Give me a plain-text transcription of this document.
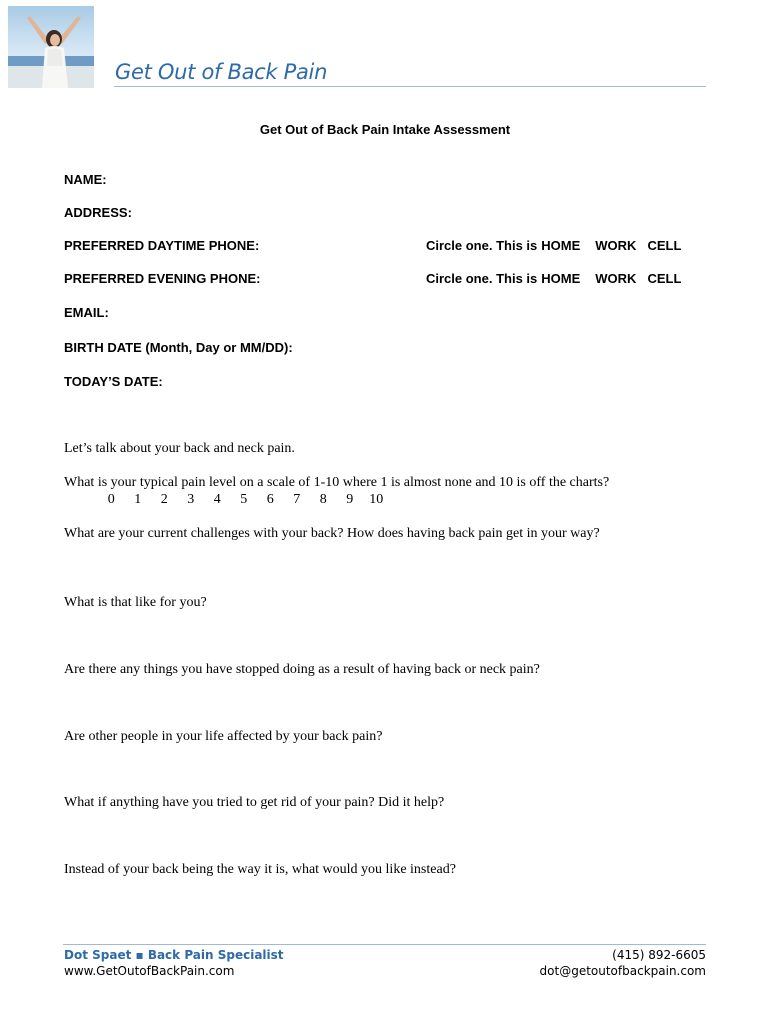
Get Out of Back Pain
Get Out of Back Pain Intake Assessment
NAME:
ADDRESS:
PREFERRED DAYTIME PHONE:	Circle one. This is HOME WORK CELL
PREFERRED EVENING PHONE:	Circle one. This is HOME WORK CELL
EMAIL:
BIRTH DATE (Month, Day or MM/DD):
TODAY’S DATE:
Let’s talk about your back and neck pain.
What is your typical pain level on a scale of 1-10 where 1 is almost none and 10 is off the charts?
0	1	2	3	4	5	6	7	8	9	10
What are your current challenges with your back? How does having back pain get in your way?
What is that like for you?
Are there any things you have stopped doing as a result of having back or neck pain?
Are other people in your life affected by your back pain?
What if anything have you tried to get rid of your pain? Did it help?
Instead of your back being the way it is, what would you like instead?
Dot Spaet ▪ Back Pain Specialist
www.GetOutofBackPain.com
(415) 892-6605
dot@getoutofbackpain.com
